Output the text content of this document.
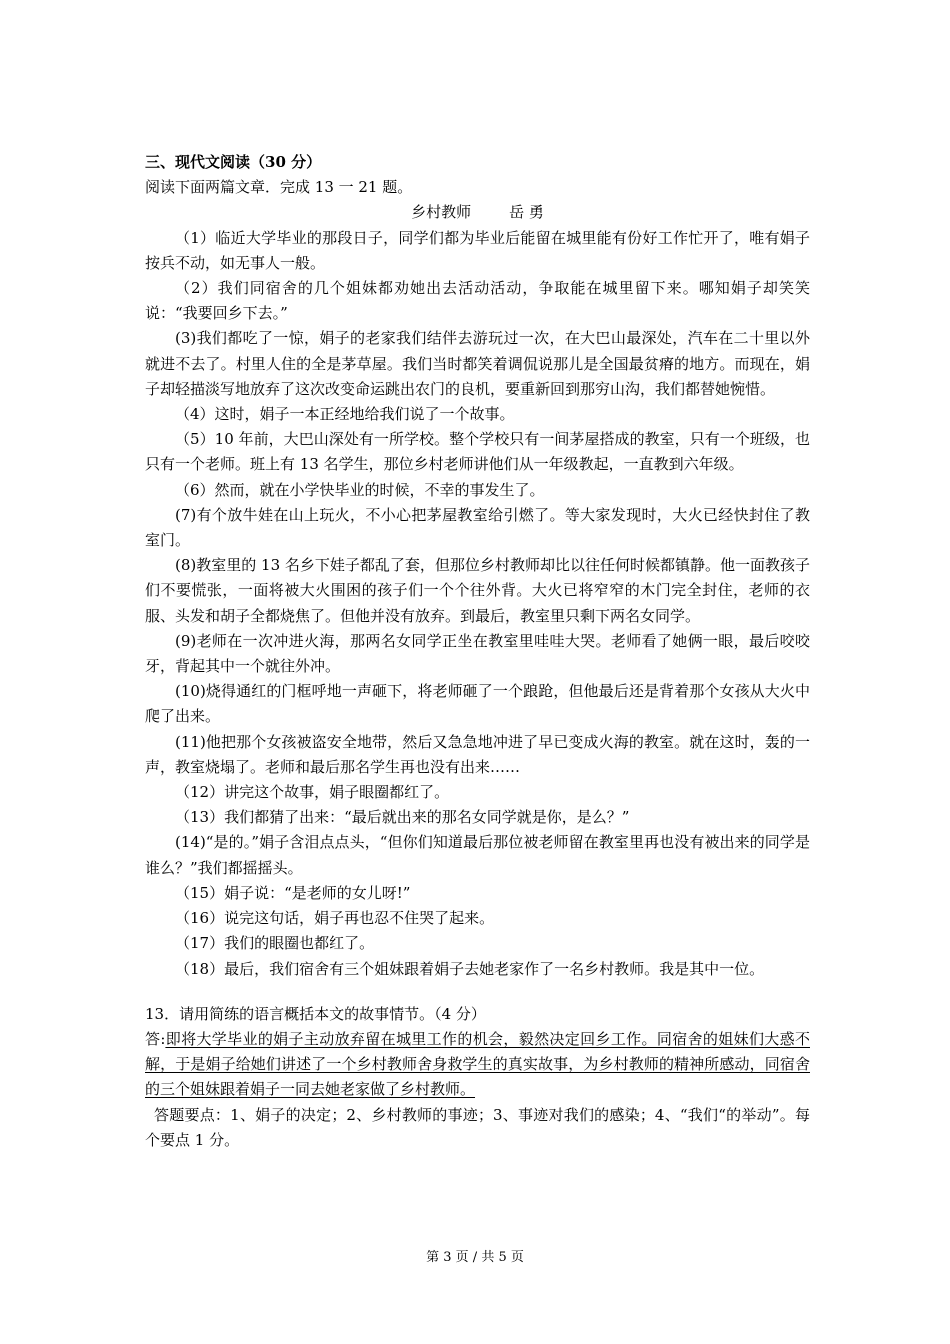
三、现代文阅读（30 分）

阅读下面两篇文章．完成 13 一 21 题。

乡村教师	岳 勇

（1）临近大学毕业的那段日子，同学们都为毕业后能留在城里能有份好工作忙开了，唯有娟子按兵不动，如无事人一般。

（2）我们同宿舍的几个姐妹都劝她出去活动活动，争取能在城里留下来。哪知娟子却笑笑说：“我要回乡下去。”

(3)我们都吃了一惊，娟子的老家我们结伴去游玩过一次，在大巴山最深处，汽车在二十里以外就进不去了。村里人住的全是茅草屋。我们当时都笑着调侃说那儿是全国最贫瘠的地方。而现在，娟子却轻描淡写地放弃了这次改变命运跳出农门的良机，要重新回到那穷山沟，我们都替她惋惜。

（4）这时，娟子一本正经地给我们说了一个故事。

（5）10 年前，大巴山深处有一所学校。整个学校只有一间茅屋搭成的教室，只有一个班级，也只有一个老师。班上有 13 名学生，那位乡村老师讲他们从一年级教起，一直教到六年级。

（6）然而，就在小学快毕业的时候，不幸的事发生了。

(7)有个放牛娃在山上玩火，不小心把茅屋教室给引燃了。等大家发现时，大火已经快封住了教室门。

(8)教室里的 13 名乡下娃子都乱了套，但那位乡村教师却比以往任何时候都镇静。他一面教孩子们不要慌张，一面将被大火围困的孩子们一个个往外背。大火已将窄窄的木门完全封住，老师的衣服、头发和胡子全都烧焦了。但他并没有放弃。到最后，教室里只剩下两名女同学。

(9)老师在一次冲进火海，那两名女同学正坐在教室里哇哇大哭。老师看了她俩一眼，最后咬咬牙，背起其中一个就往外冲。

(10)烧得通红的门框呼地一声砸下，将老师砸了一个踉跄，但他最后还是背着那个女孩从大火中爬了出来。

(11)他把那个女孩被盗安全地带，然后又急急地冲进了早已变成火海的教室。就在这时，轰的一声，教室烧塌了。老师和最后那名学生再也没有出来……

（12）讲完这个故事，娟子眼圈都红了。

（13）我们都猜了出来：“最后就出来的那名女同学就是你，是么？”

(14)“是的。”娟子含泪点点头，“但你们知道最后那位被老师留在教室里再也没有被出来的同学是谁么？”我们都摇摇头。

（15）娟子说：“是老师的女儿呀!”

（16）说完这句话，娟子再也忍不住哭了起来。

（17）我们的眼圈也都红了。

（18）最后，我们宿舍有三个姐妹跟着娟子去她老家作了一名乡村教师。我是其中一位。

13．请用简练的语言概括本文的故事情节。（4 分）

答:即将大学毕业的娟子主动放弃留在城里工作的机会，毅然决定回乡工作。同宿舍的姐妹们大惑不解，于是娟子给她们讲述了一个乡村教师舍身救学生的真实故事，为乡村教师的精神所感动，同宿舍的三个姐妹跟着娟子一同去她老家做了乡村教师。

答题要点：1、娟子的决定；2、乡村教师的事迹；3、事迹对我们的感染；4、“我们“的举动”。每个要点 1 分。

第 3 页 / 共 5 页
